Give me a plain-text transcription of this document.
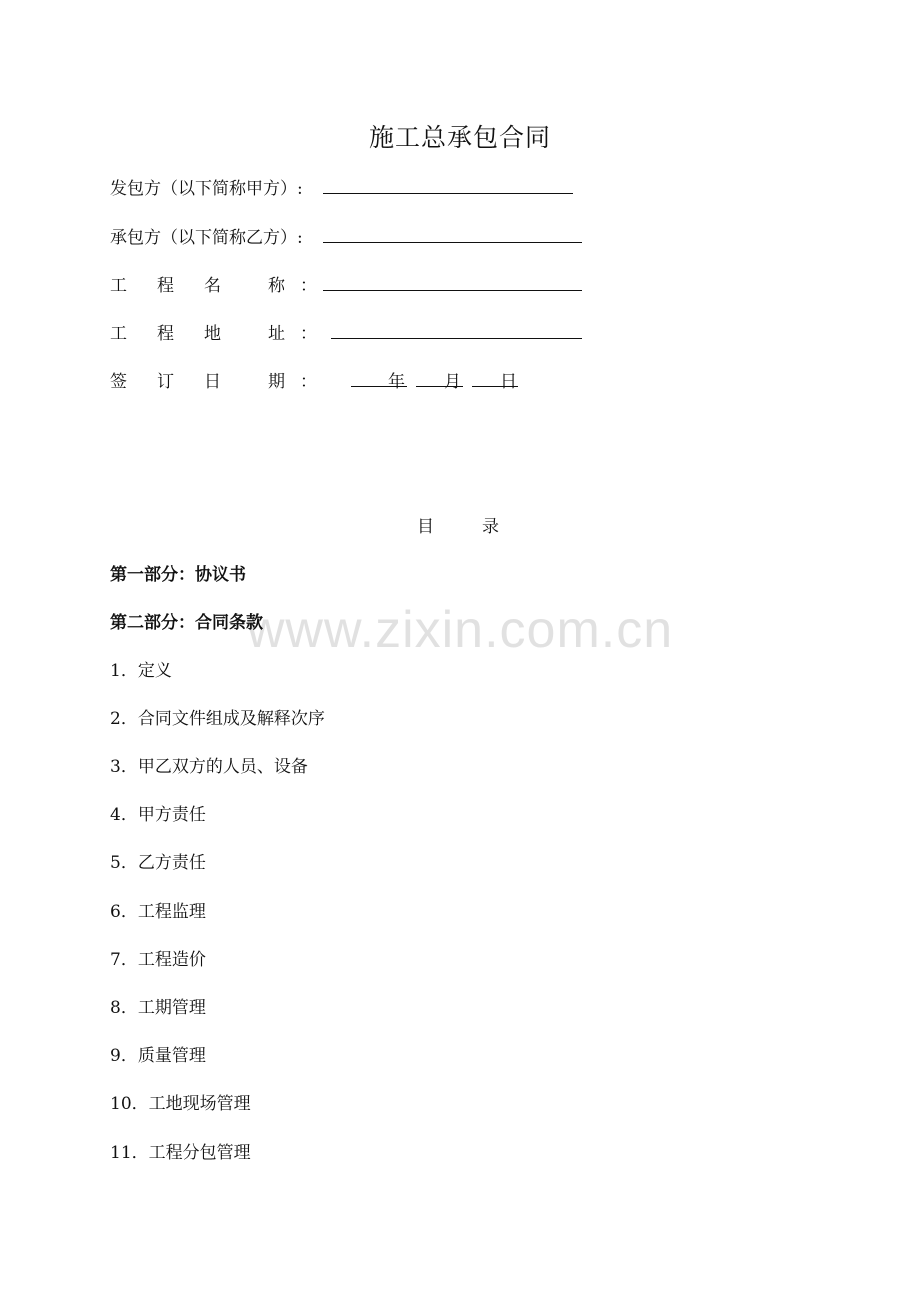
www.zixin.com.cn
施工总承包合同
发包方（以下简称甲方）:
承包方（以下简称乙方）:
工 程 名	称 ：
工 程 地	址 ：
签 订 日	期 ：	年 月 日
目	录
第一部分：协议书
第二部分：合同条款
1．定义
2．合同文件组成及解释次序
3．甲乙双方的人员、设备
4．甲方责任
5．乙方责任
6．工程监理
7．工程造价
8．工期管理
9．质量管理
10．工地现场管理
11．工程分包管理
